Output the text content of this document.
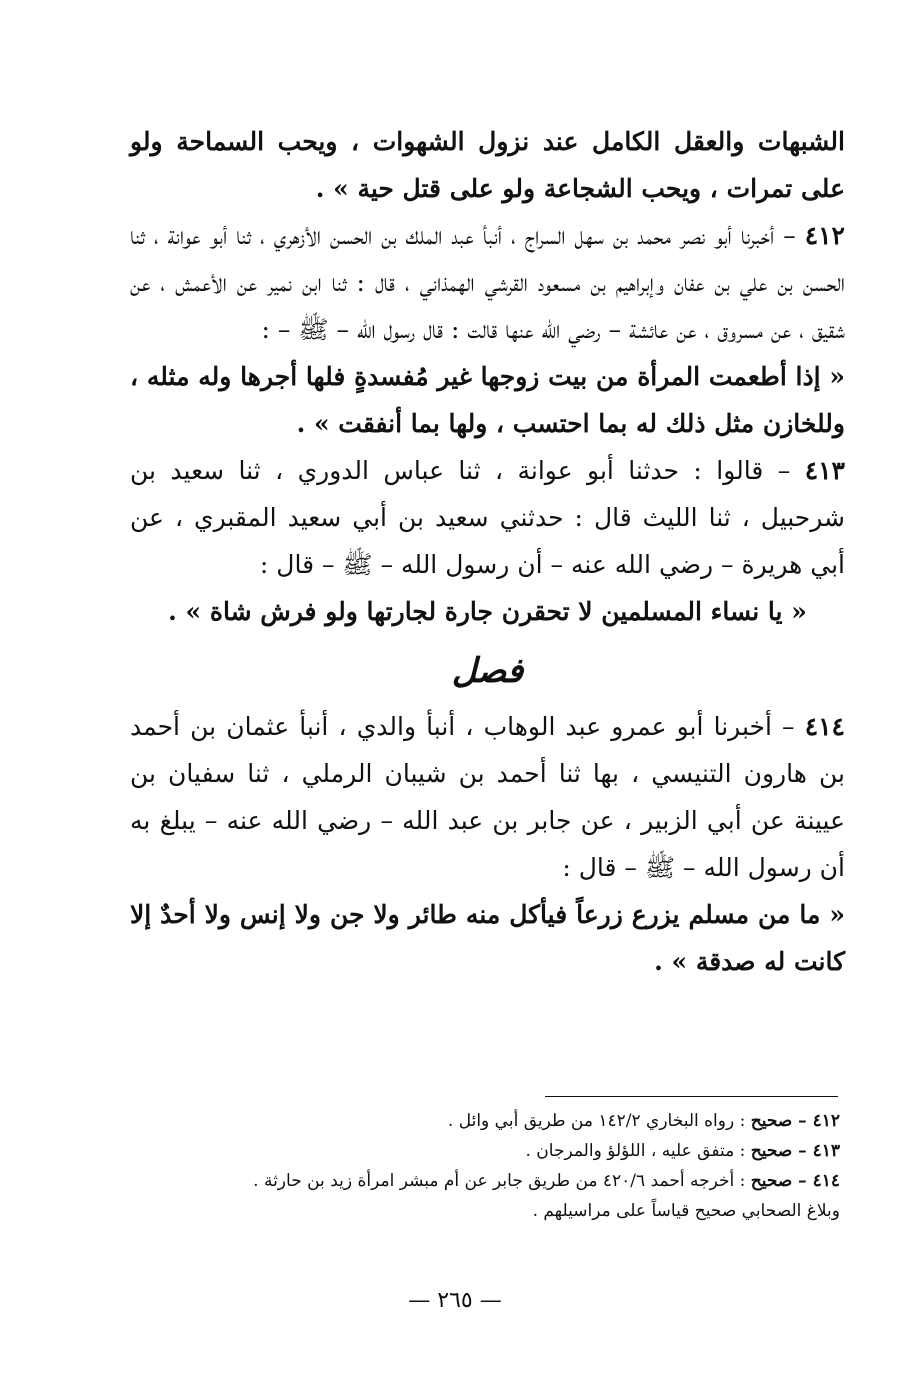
الشبهات والعقل الكامل عند نزول الشهوات ، ويحب السماحة ولو على تمرات ، ويحب الشجاعة ولو على قتل حية » .

٤١٢ – أخبرنا أبو نصر محمد بن سهل السراج ، أنبأ عبد الملك بن الحسن الأزهري ، ثنا أبو عوانة ، ثنا الحسن بن علي بن عفان وإبراهيم بن مسعود القرشي الهمذاني ، قال : ثنا ابن نمير عن الأعمش ، عن شقيق ، عن مسروق ، عن عائشة – رضي الله عنها قالت : قال رسول الله – ﷺ – :

« إذا أطعمت المرأة من بيت زوجها غير مُفسدةٍ فلها أجرها وله مثله ، وللخازن مثل ذلك له بما احتسب ، ولها بما أنفقت » .

٤١٣ – قالوا : حدثنا أبو عوانة ، ثنا عباس الدوري ، ثنا سعيد بن شرحبيل ، ثنا الليث قال : حدثني سعيد بن أبي سعيد المقبري ، عن أبي هريرة – رضي الله عنه – أن رسول الله – ﷺ – قال :

« يا نساء المسلمين لا تحقرن جارة لجارتها ولو فرش شاة » .

فصل

٤١٤ – أخبرنا أبو عمرو عبد الوهاب ، أنبأ والدي ، أنبأ عثمان بن أحمد بن هارون التنيسي ، بها ثنا أحمد بن شيبان الرملي ، ثنا سفيان بن عيينة عن أبي الزبير ، عن جابر بن عبد الله – رضي الله عنه – يبلغ به أن رسول الله – ﷺ – قال :

« ما من مسلم يزرع زرعاً فيأكل منه طائر ولا جن ولا إنس ولا أحدٌ إلا كانت له صدقة » .

٤١٢ – صحيح : رواه البخاري ١٤٢/٢ من طريق أبي وائل .

٤١٣ – صحيح : متفق عليه ، اللؤلؤ والمرجان .

٤١٤ – صحيح : أخرجه أحمد ٤٢٠/٦ من طريق جابر عن أم مبشر امرأة زيد بن حارثة .

وبلاغ الصحابي صحيح قياساً على مراسيلهم .

— ٢٦٥ —
